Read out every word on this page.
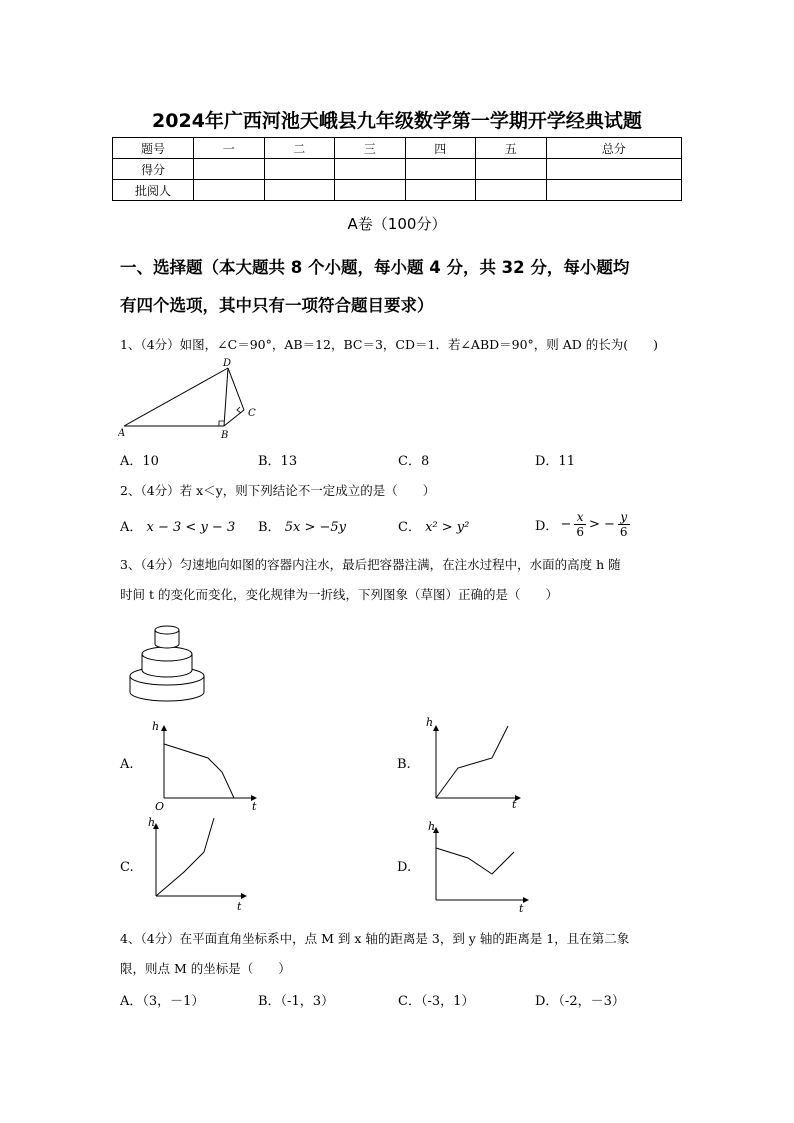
2024年广西河池天峨县九年级数学第一学期开学经典试题
题号	一	二	三	四	五	总分
得分						
批阅人						
A卷（100分）
一、选择题（本大题共 8 个小题，每小题 4 分，共 32 分，每小题均
有四个选项，其中只有一项符合题目要求）
1、（4分）如图，∠C＝90°，AB＝12，BC＝3，CD＝1．若∠ABD＝90°，则 AD 的长为(　　)
A	B
C
D
A．10	B．13	C．8	D．11
2、（4分）若 x＜y，则下列结论不一定成立的是（　　）
A． x − 3 < y − 3 B． 5x > −5y	C． x² > y²	D． − $\frac{x}{6}$ > − $\frac{y}{6}$
3、（4分）匀速地向如图的容器内注水，最后把容器注满，在注水过程中，水面的高度 h 随
时间 t 的变化而变化，变化规律为一折线，下列图象（草图）正确的是（　　）
A.
h
t
O
B.
h
t
C.
h
t
D.
h
t
4、（4分）在平面直角坐标系中，点 M 到 x 轴的距离是 3，到 y 轴的距离是 1，且在第二象
限，则点 M 的坐标是（　　）
A．（3，－1）	B．（-1，3）	C．（-3，1）	D．（-2，－3）
